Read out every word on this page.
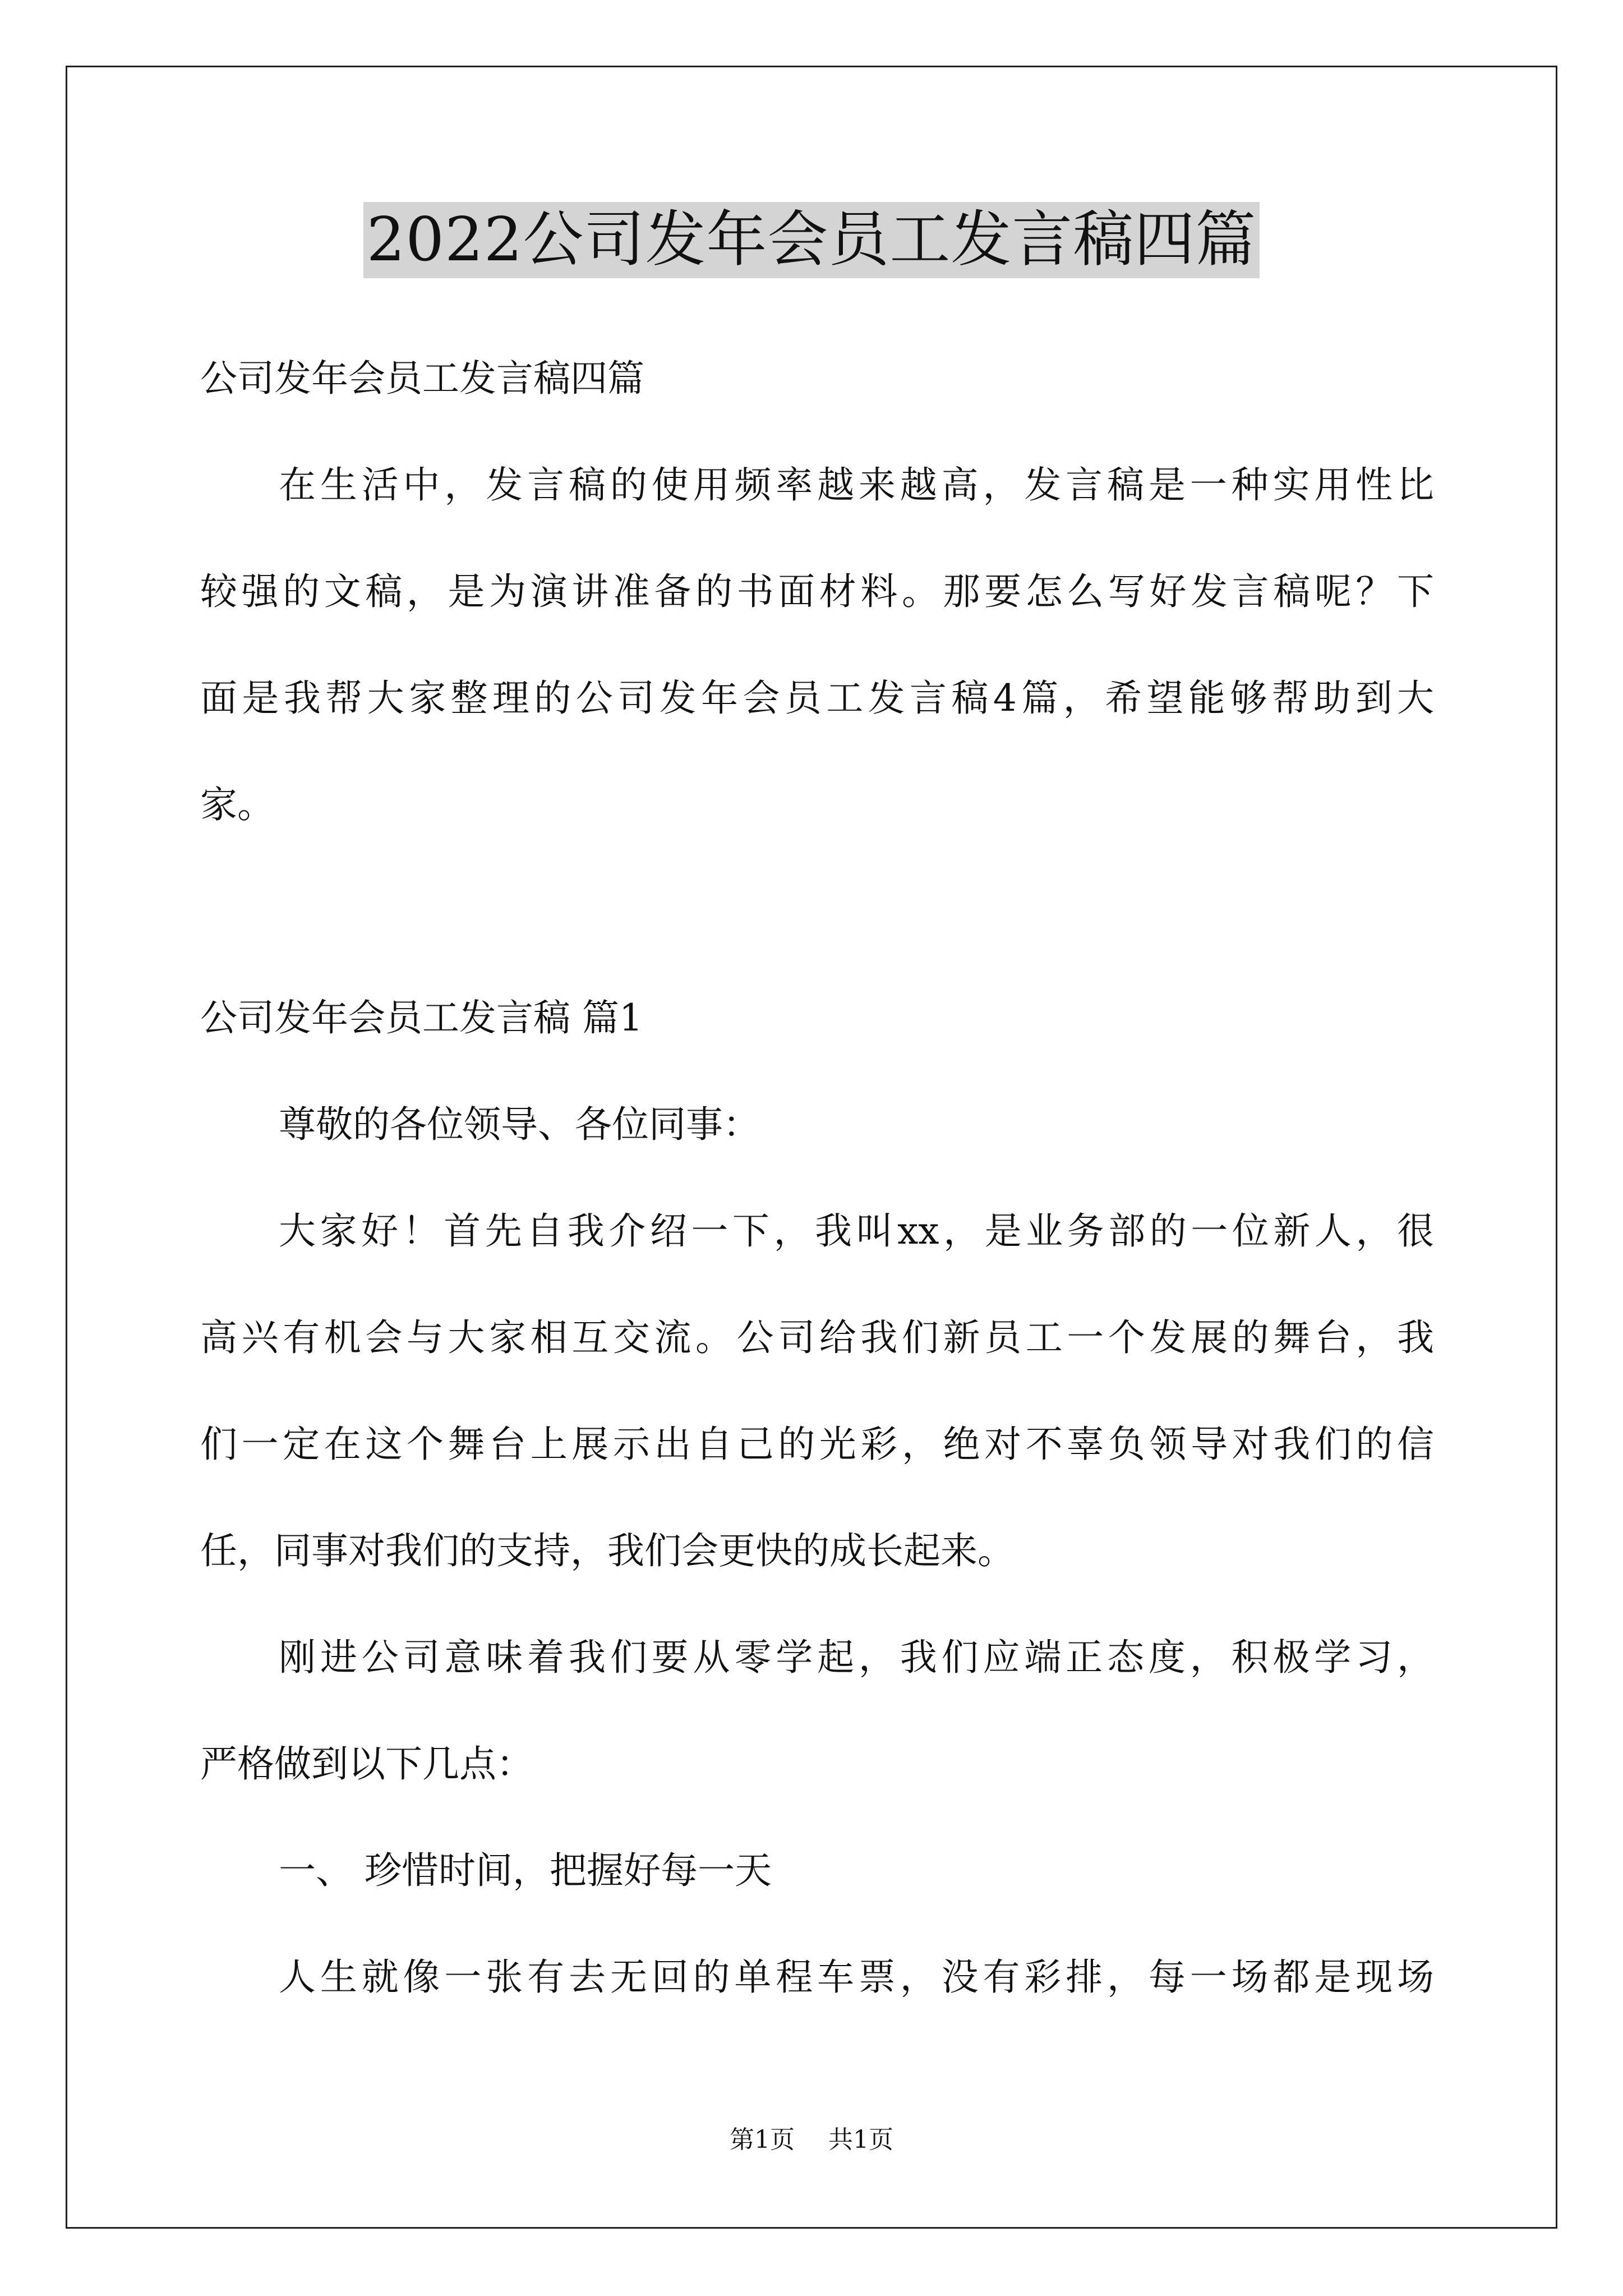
2022公司发年会员工发言稿四篇
公司发年会员工发言稿四篇
在生活中，发言稿的使用频率越来越高，发言稿是一种实用性比
较强的文稿，是为演讲准备的书面材料。那要怎么写好发言稿呢？下
面是我帮大家整理的公司发年会员工发言稿4篇，希望能够帮助到大
家。
公司发年会员工发言稿 篇1
尊敬的各位领导、各位同事：
大家好！首先自我介绍一下，我叫xx，是业务部的一位新人，很
高兴有机会与大家相互交流。公司给我们新员工一个发展的舞台，我
们一定在这个舞台上展示出自己的光彩，绝对不辜负领导对我们的信
任，同事对我们的支持，我们会更快的成长起来。
刚进公司意味着我们要从零学起，我们应端正态度，积极学习，
严格做到以下几点：
一、 珍惜时间，把握好每一天
人生就像一张有去无回的单程车票，没有彩排，每一场都是现场
第1页 共1页
